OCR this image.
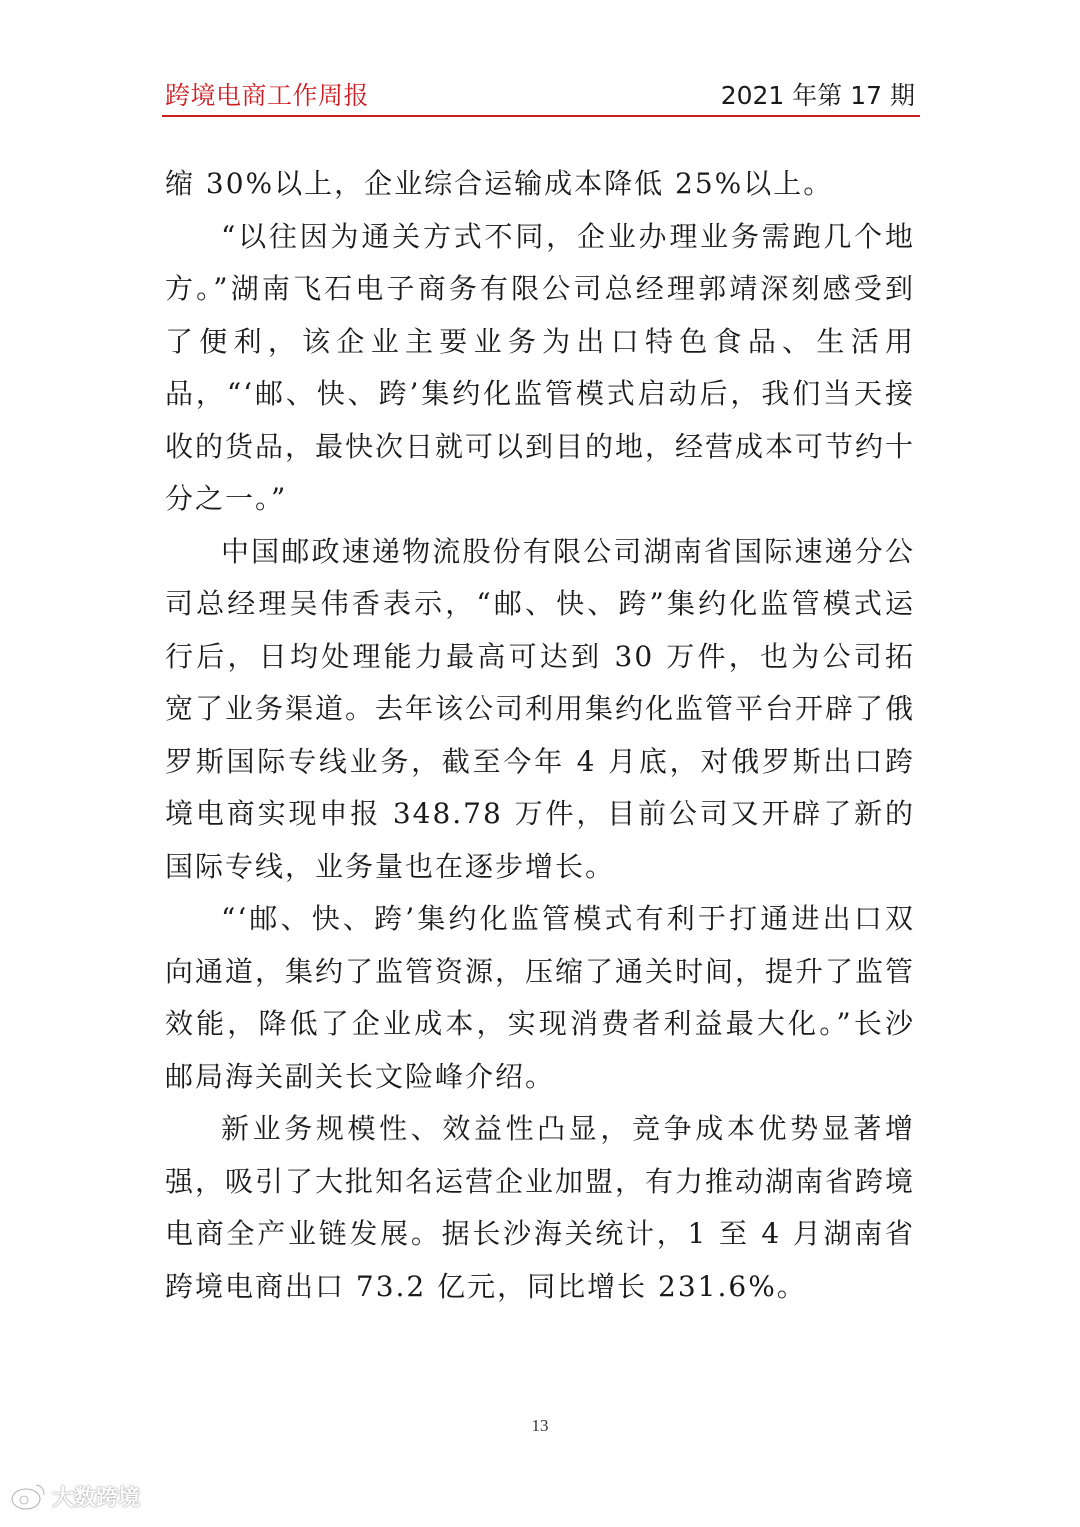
跨境电商工作周报	2021 年第 17 期

缩 30%以上，企业综合运输成本降低 25%以上。

“以往因为通关方式不同，企业办理业务需跑几个地方。”湖南飞石电子商务有限公司总经理郭靖深刻感受到了便利，该企业主要业务为出口特色食品、生活用品，“‘邮、快、跨’集约化监管模式启动后，我们当天接收的货品，最快次日就可以到目的地，经营成本可节约十分之一。”

中国邮政速递物流股份有限公司湖南省国际速递分公司总经理吴伟香表示，“邮、快、跨”集约化监管模式运行后，日均处理能力最高可达到 30 万件，也为公司拓宽了业务渠道。去年该公司利用集约化监管平台开辟了俄罗斯国际专线业务，截至今年 4 月底，对俄罗斯出口跨境电商实现申报 348.78 万件，目前公司又开辟了新的国际专线，业务量也在逐步增长。

“‘邮、快、跨’集约化监管模式有利于打通进出口双向通道，集约了监管资源，压缩了通关时间，提升了监管效能，降低了企业成本，实现消费者利益最大化。”长沙邮局海关副关长文险峰介绍。

新业务规模性、效益性凸显，竞争成本优势显著增强，吸引了大批知名运营企业加盟，有力推动湖南省跨境电商全产业链发展。据长沙海关统计，1 至 4 月湖南省跨境电商出口 73.2 亿元，同比增长 231.6%。

13
大数跨境
